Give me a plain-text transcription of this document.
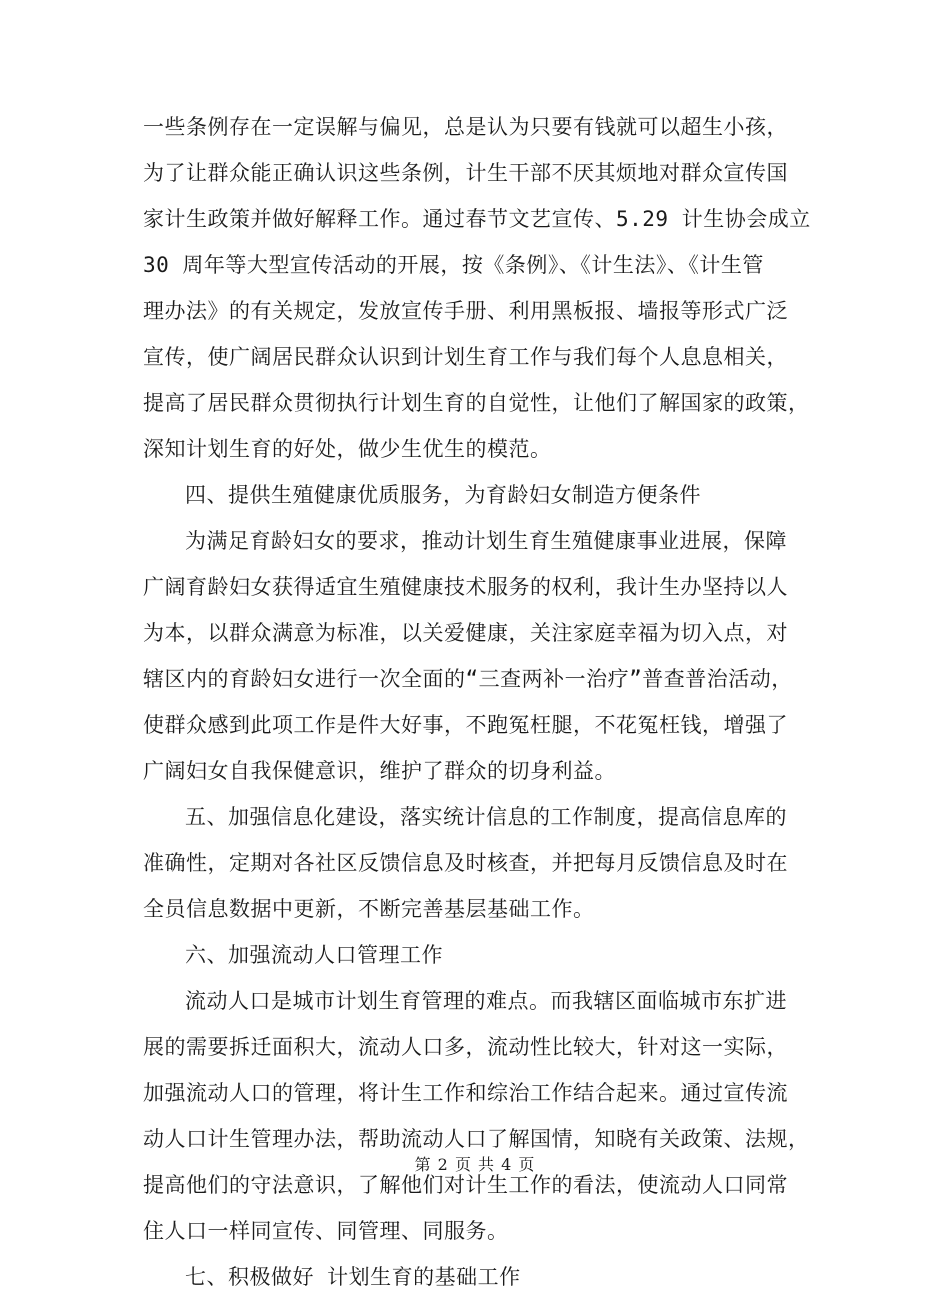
一些条例存在一定误解与偏见，总是认为只要有钱就可以超生小孩，
为了让群众能正确认识这些条例，计生干部不厌其烦地对群众宣传国
家计生政策并做好解释工作。通过春节文艺宣传、5.29 计生协会成立
30 周年等大型宣传活动的开展，按《条例》、《计生法》、《计生管
理办法》的有关规定，发放宣传手册、利用黑板报、墙报等形式广泛
宣传，使广阔居民群众认识到计划生育工作与我们每个人息息相关，
提高了居民群众贯彻执行计划生育的自觉性，让他们了解国家的政策，
深知计划生育的好处，做少生优生的模范。
四、提供生殖健康优质服务，为育龄妇女制造方便条件
为满足育龄妇女的要求，推动计划生育生殖健康事业进展，保障
广阔育龄妇女获得适宜生殖健康技术服务的权利，我计生办坚持以人
为本，以群众满意为标准，以关爱健康，关注家庭幸福为切入点，对
辖区内的育龄妇女进行一次全面的“三查两补一治疗”普查普治活动，
使群众感到此项工作是件大好事，不跑冤枉腿，不花冤枉钱，增强了
广阔妇女自我保健意识，维护了群众的切身利益。
五、加强信息化建设，落实统计信息的工作制度，提高信息库的
准确性，定期对各社区反馈信息及时核查，并把每月反馈信息及时在
全员信息数据中更新，不断完善基层基础工作。
六、加强流动人口管理工作
流动人口是城市计划生育管理的难点。而我辖区面临城市东扩进
展的需要拆迁面积大，流动人口多，流动性比较大，针对这一实际，
加强流动人口的管理，将计生工作和综治工作结合起来。通过宣传流
动人口计生管理办法，帮助流动人口了解国情，知晓有关政策、法规，
提高他们的守法意识，了解他们对计生工作的看法，使流动人口同常
住人口一样同宣传、同管理、同服务。
七、积极做好 计划生育的基础工作
第 2 页 共 4 页
